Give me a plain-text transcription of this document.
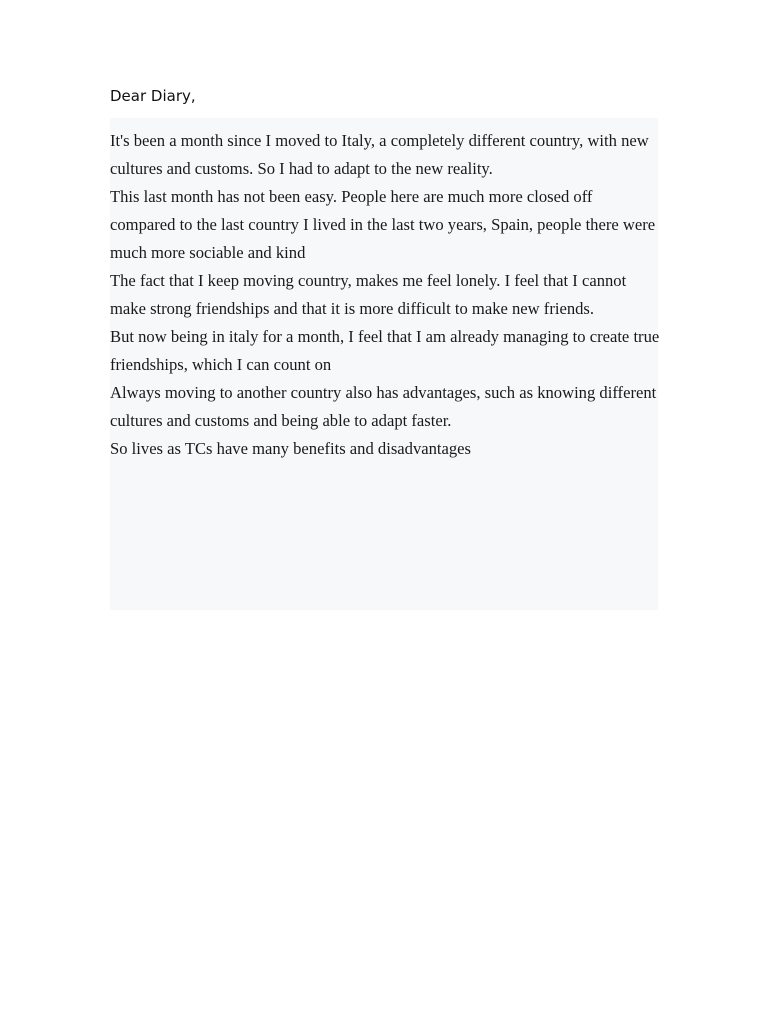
Dear Diary,

It's been a month since I moved to Italy, a completely different country, with new cultures and customs. So I had to adapt to the new reality.
This last month has not been easy. People here are much more closed off compared to the last country I lived in the last two years, Spain, people there were much more sociable and kind
The fact that I keep moving country, makes me feel lonely. I feel that I cannot make strong friendships and that it is more difficult to make new friends.
But now being in italy for a month, I feel that I am already managing to create true friendships, which I can count on
Always moving to another country also has advantages, such as knowing different cultures and customs and being able to adapt faster.
So lives as TCs have many benefits and disadvantages
